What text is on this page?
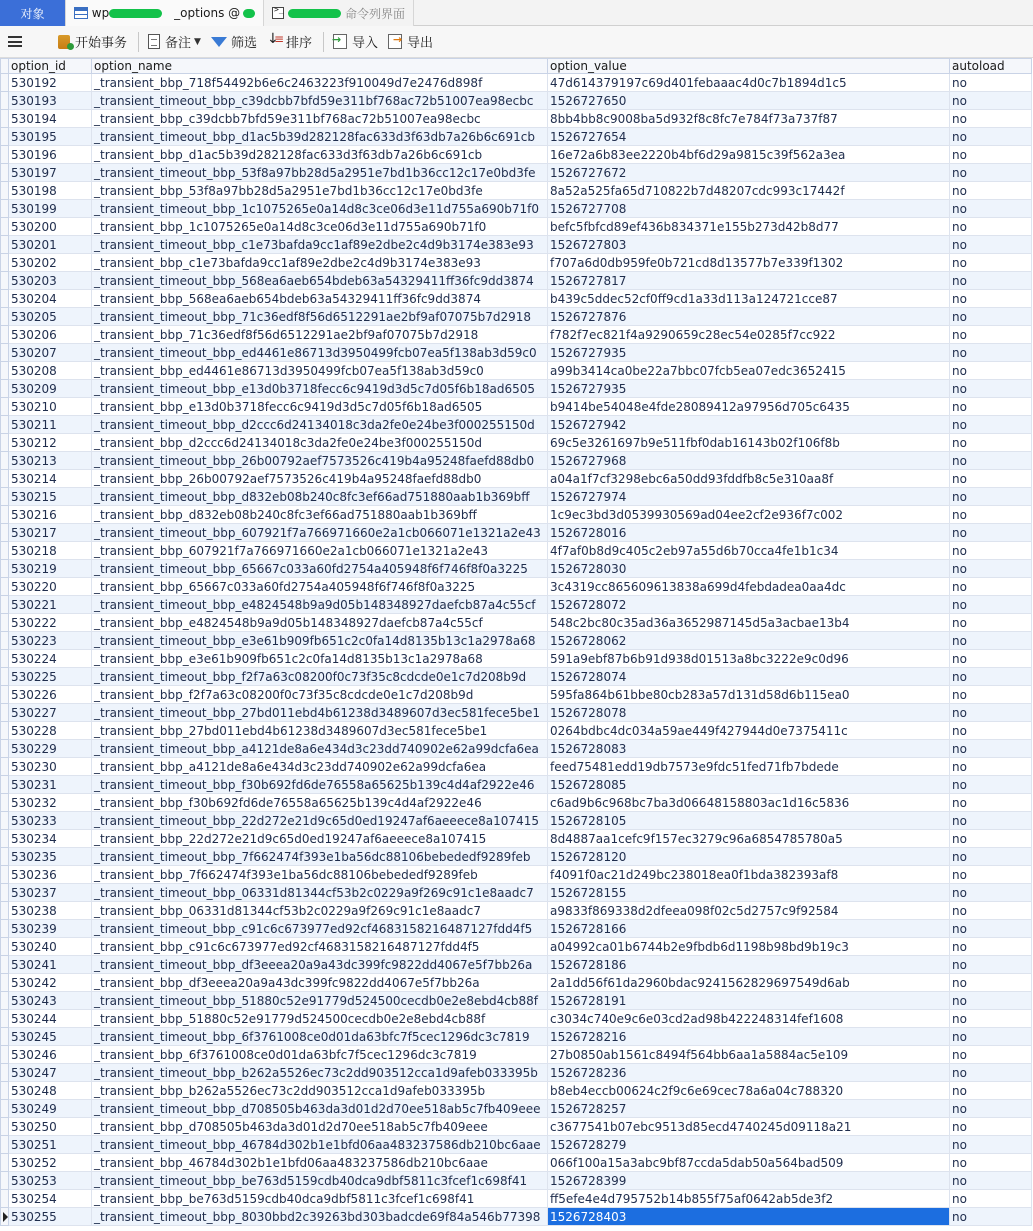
对象	wp	_options @ >_	命令列界面
开始事务	备注 ▼ 筛选 ↓ ≡ 排序 →	导入 → 导出
	option_id	option_name	option_value	autoload
	530192	_transient_bbp_718f54492b6e6c2463223f910049d7e2476d898f	47d614379197c69d401febaaac4d0c7b1894d1c5	no
	530193	_transient_timeout_bbp_c39dcbb7bfd59e311bf768ac72b51007ea98ecbc	1526727650	no
	530194	_transient_bbp_c39dcbb7bfd59e311bf768ac72b51007ea98ecbc	8bb4bb8c9008ba5d932f8c8fc7e784f73a737f87	no
	530195	_transient_timeout_bbp_d1ac5b39d282128fac633d3f63db7a26b6c691cb	1526727654	no
	530196	_transient_bbp_d1ac5b39d282128fac633d3f63db7a26b6c691cb	16e72a6b83ee2220b4bf6d29a9815c39f562a3ea	no
	530197	_transient_timeout_bbp_53f8a97bb28d5a2951e7bd1b36cc12c17e0bd3fe	1526727672	no
	530198	_transient_bbp_53f8a97bb28d5a2951e7bd1b36cc12c17e0bd3fe	8a52a525fa65d710822b7d48207cdc993c17442f	no
	530199	_transient_timeout_bbp_1c1075265e0a14d8c3ce06d3e11d755a690b71f0	1526727708	no
	530200	_transient_bbp_1c1075265e0a14d8c3ce06d3e11d755a690b71f0	befc5fbfcd89ef436b834371e155b273d42b8d77	no
	530201	_transient_timeout_bbp_c1e73bafda9cc1af89e2dbe2c4d9b3174e383e93	1526727803	no
	530202	_transient_bbp_c1e73bafda9cc1af89e2dbe2c4d9b3174e383e93	f707a6d0db959fe0b721cd8d13577b7e339f1302	no
	530203	_transient_timeout_bbp_568ea6aeb654bdeb63a54329411ff36fc9dd3874	1526727817	no
	530204	_transient_bbp_568ea6aeb654bdeb63a54329411ff36fc9dd3874	b439c5ddec52cf0ff9cd1a33d113a124721cce87	no
	530205	_transient_timeout_bbp_71c36edf8f56d6512291ae2bf9af07075b7d2918	1526727876	no
	530206	_transient_bbp_71c36edf8f56d6512291ae2bf9af07075b7d2918	f782f7ec821f4a9290659c28ec54e0285f7cc922	no
	530207	_transient_timeout_bbp_ed4461e86713d3950499fcb07ea5f138ab3d59c0	1526727935	no
	530208	_transient_bbp_ed4461e86713d3950499fcb07ea5f138ab3d59c0	a99b3414ca0be22a7bbc07fcb5ea07edc3652415	no
	530209	_transient_timeout_bbp_e13d0b3718fecc6c9419d3d5c7d05f6b18ad6505	1526727935	no
	530210	_transient_bbp_e13d0b3718fecc6c9419d3d5c7d05f6b18ad6505	b9414be54048e4fde28089412a97956d705c6435	no
	530211	_transient_timeout_bbp_d2ccc6d24134018c3da2fe0e24be3f000255150d	1526727942	no
	530212	_transient_bbp_d2ccc6d24134018c3da2fe0e24be3f000255150d	69c5e3261697b9e511fbf0dab16143b02f106f8b	no
	530213	_transient_timeout_bbp_26b00792aef7573526c419b4a95248faefd88db0	1526727968	no
	530214	_transient_bbp_26b00792aef7573526c419b4a95248faefd88db0	a04a1f7cf3298ebc6a50dd93fddfb8c5e310aa8f	no
	530215	_transient_timeout_bbp_d832eb08b240c8fc3ef66ad751880aab1b369bff	1526727974	no
	530216	_transient_bbp_d832eb08b240c8fc3ef66ad751880aab1b369bff	1c9ec3bd3d0539930569ad04ee2cf2e936f7c002	no
	530217	_transient_timeout_bbp_607921f7a766971660e2a1cb066071e1321a2e43	1526728016	no
	530218	_transient_bbp_607921f7a766971660e2a1cb066071e1321a2e43	4f7af0b8d9c405c2eb97a55d6b70cca4fe1b1c34	no
	530219	_transient_timeout_bbp_65667c033a60fd2754a405948f6f746f8f0a3225	1526728030	no
	530220	_transient_bbp_65667c033a60fd2754a405948f6f746f8f0a3225	3c4319cc865609613838a699d4febdadea0aa4dc	no
	530221	_transient_timeout_bbp_e4824548b9a9d05b148348927daefcb87a4c55cf	1526728072	no
	530222	_transient_bbp_e4824548b9a9d05b148348927daefcb87a4c55cf	548c2bc80c35ad36a3652987145d5a3acbae13b4	no
	530223	_transient_timeout_bbp_e3e61b909fb651c2c0fa14d8135b13c1a2978a68	1526728062	no
	530224	_transient_bbp_e3e61b909fb651c2c0fa14d8135b13c1a2978a68	591a9ebf87b6b91d938d01513a8bc3222e9c0d96	no
	530225	_transient_timeout_bbp_f2f7a63c08200f0c73f35c8cdcde0e1c7d208b9d	1526728074	no
	530226	_transient_bbp_f2f7a63c08200f0c73f35c8cdcde0e1c7d208b9d	595fa864b61bbe80cb283a57d131d58d6b115ea0	no
	530227	_transient_timeout_bbp_27bd011ebd4b61238d3489607d3ec581fece5be1	1526728078	no
	530228	_transient_bbp_27bd011ebd4b61238d3489607d3ec581fece5be1	0264bdbc4dc034a59ae449f427944d0e7375411c	no
	530229	_transient_timeout_bbp_a4121de8a6e434d3c23dd740902e62a99dcfa6ea	1526728083	no
	530230	_transient_bbp_a4121de8a6e434d3c23dd740902e62a99dcfa6ea	feed75481edd19db7573e9fdc51fed71fb7bdede	no
	530231	_transient_timeout_bbp_f30b692fd6de76558a65625b139c4d4af2922e46	1526728085	no
	530232	_transient_bbp_f30b692fd6de76558a65625b139c4d4af2922e46	c6ad9b6c968bc7ba3d06648158803ac1d16c5836	no
	530233	_transient_timeout_bbp_22d272e21d9c65d0ed19247af6aeeece8a107415	1526728105	no
	530234	_transient_bbp_22d272e21d9c65d0ed19247af6aeeece8a107415	8d4887aa1cefc9f157ec3279c96a6854785780a5	no
	530235	_transient_timeout_bbp_7f662474f393e1ba56dc88106bebededf9289feb	1526728120	no
	530236	_transient_bbp_7f662474f393e1ba56dc88106bebededf9289feb	f4091f0ac21d249bc238018ea0f1bda382393af8	no
	530237	_transient_timeout_bbp_06331d81344cf53b2c0229a9f269c91c1e8aadc7	1526728155	no
	530238	_transient_bbp_06331d81344cf53b2c0229a9f269c91c1e8aadc7	a9833f869338d2dfeea098f02c5d2757c9f92584	no
	530239	_transient_timeout_bbp_c91c6c673977ed92cf4683158216487127fdd4f5	1526728166	no
	530240	_transient_bbp_c91c6c673977ed92cf4683158216487127fdd4f5	a04992ca01b6744b2e9fbdb6d1198b98bd9b19c3	no
	530241	_transient_timeout_bbp_df3eeea20a9a43dc399fc9822dd4067e5f7bb26a	1526728186	no
	530242	_transient_bbp_df3eeea20a9a43dc399fc9822dd4067e5f7bb26a	2a1dd56f61da2960bdac9241562829697549d6ab	no
	530243	_transient_timeout_bbp_51880c52e91779d524500cecdb0e2e8ebd4cb88f	1526728191	no
	530244	_transient_bbp_51880c52e91779d524500cecdb0e2e8ebd4cb88f	c3034c740e9c6e03cd2ad98b422248314fef1608	no
	530245	_transient_timeout_bbp_6f3761008ce0d01da63bfc7f5cec1296dc3c7819	1526728216	no
	530246	_transient_bbp_6f3761008ce0d01da63bfc7f5cec1296dc3c7819	27b0850ab1561c8494f564bb6aa1a5884ac5e109	no
	530247	_transient_timeout_bbp_b262a5526ec73c2dd903512cca1d9afeb033395b	1526728236	no
	530248	_transient_bbp_b262a5526ec73c2dd903512cca1d9afeb033395b	b8eb4eccb00624c2f9c6e69cec78a6a04c788320	no
	530249	_transient_timeout_bbp_d708505b463da3d01d2d70ee518ab5c7fb409eee	1526728257	no
	530250	_transient_bbp_d708505b463da3d01d2d70ee518ab5c7fb409eee	c3677541b07ebc9513d85ecd4740245d09118a21	no
	530251	_transient_timeout_bbp_46784d302b1e1bfd06aa483237586db210bc6aae	1526728279	no
	530252	_transient_bbp_46784d302b1e1bfd06aa483237586db210bc6aae	066f100a15a3abc9bf87ccda5dab50a564bad509	no
	530253	_transient_timeout_bbp_be763d5159cdb40dca9dbf5811c3fcef1c698f41	1526728399	no
	530254	_transient_bbp_be763d5159cdb40dca9dbf5811c3fcef1c698f41	ff5efe4e4d795752b14b855f75af0642ab5de3f2	no

	530255	_transient_timeout_bbp_8030bbd2c39263bd303badcde69f84a546b77398	1526728403	no
